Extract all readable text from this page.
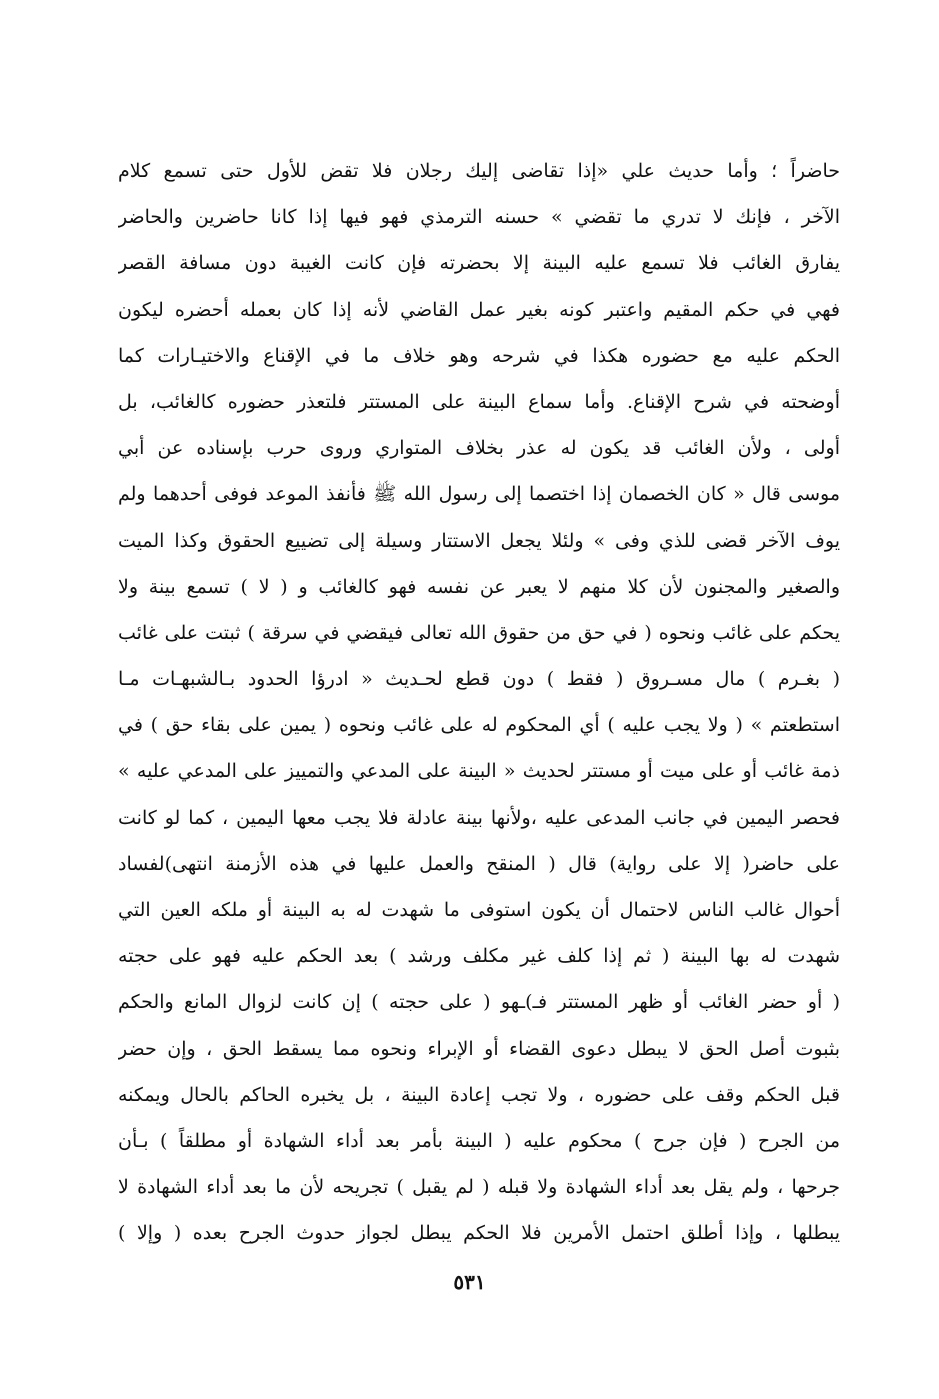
حاضراً ؛ وأما حديث علي «إذا تقاضى إليك رجلان فلا تقض للأول حتى تسمع كلام
الآخر ، فإنك لا تدري ما تقضي » حسنه الترمذي فهو فيها إذا كانا حاضرين والحاضر
يفارق الغائب فلا تسمع عليه البينة إلا بحضرته فإن كانت الغيبة دون مسافة القصر
فهي في حكم المقيم واعتبر كونه بغير عمل القاضي لأنه إذا كان بعمله أحضره ليكون
الحكم عليه مع حضوره هكذا في شرحه وهو خلاف ما في الإقناع والاختيـارات كما
أوضحته في شرح الإقناع. وأما سماع البينة على المستتر فلتعذر حضوره كالغائب، بل
أولى ، ولأن الغائب قد يكون له عذر بخلاف المتواري وروى حرب بإسناده عن أبي
موسى قال « كان الخصمان إذا اختصما إلى رسول الله ﷺ فأنفذ الموعد فوفى أحدهما ولم
يوف الآخر قضى للذي وفى » ولئلا يجعل الاستتار وسيلة إلى تضييع الحقوق وكذا الميت
والصغير والمجنون لأن كلا منهم لا يعبر عن نفسه فهو كالغائب و ( لا ) تسمع بينة ولا
يحكم على غائب ونحوه ( في حق من حقوق الله تعالى فيقضي في سرقة ) ثبتت على غائب
( بغـرم ) مال مسـروق ( فقط ) دون قطع لحـديث « ادرؤا الحدود بـالشبهـات مـا
استطعتم » ( ولا يجب عليه ) أي المحكوم له على غائب ونحوه ( يمين على بقاء حق ) في
ذمة غائب أو على ميت أو مستتر لحديث « البينة على المدعي والتمييز على المدعي عليه »
فحصر اليمين في جانب المدعى عليه ،ولأنها بينة عادلة فلا يجب معها اليمين ، كما لو كانت
على حاضر( إلا على رواية) قال ( المنقح والعمل عليها في هذه الأزمنة انتهى)لفساد
أحوال غالب الناس لاحتمال أن يكون استوفى ما شهدت له به البينة أو ملكه العين التي
شهدت له بها البينة ( ثم إذا كلف غير مكلف ورشد ) بعد الحكم عليه فهو على حجته
( أو حضر الغائب أو ظهر المستتر فـ)ـهو ( على حجته ) إن كانت لزوال المانع والحكم
بثبوت أصل الحق لا يبطل دعوى القضاء أو الإبراء ونحوه مما يسقط الحق ، وإن حضر
قبل الحكم وقف على حضوره ، ولا تجب إعادة البينة ، بل يخبره الحاكم بالحال ويمكنه
من الجرح ( فإن جرح ) محكوم عليه ( البينة بأمر بعد أداء الشهادة أو مطلقاً ) بـأن
جرحها ، ولم يقل بعد أداء الشهادة ولا قبله ( لم يقبل ) تجريحه لأن ما بعد أداء الشهادة لا
يبطلها ، وإذا أطلق احتمل الأمرين فلا الحكم يبطل لجواز حدوث الجرح بعده ( وإلا )
٥٣١
